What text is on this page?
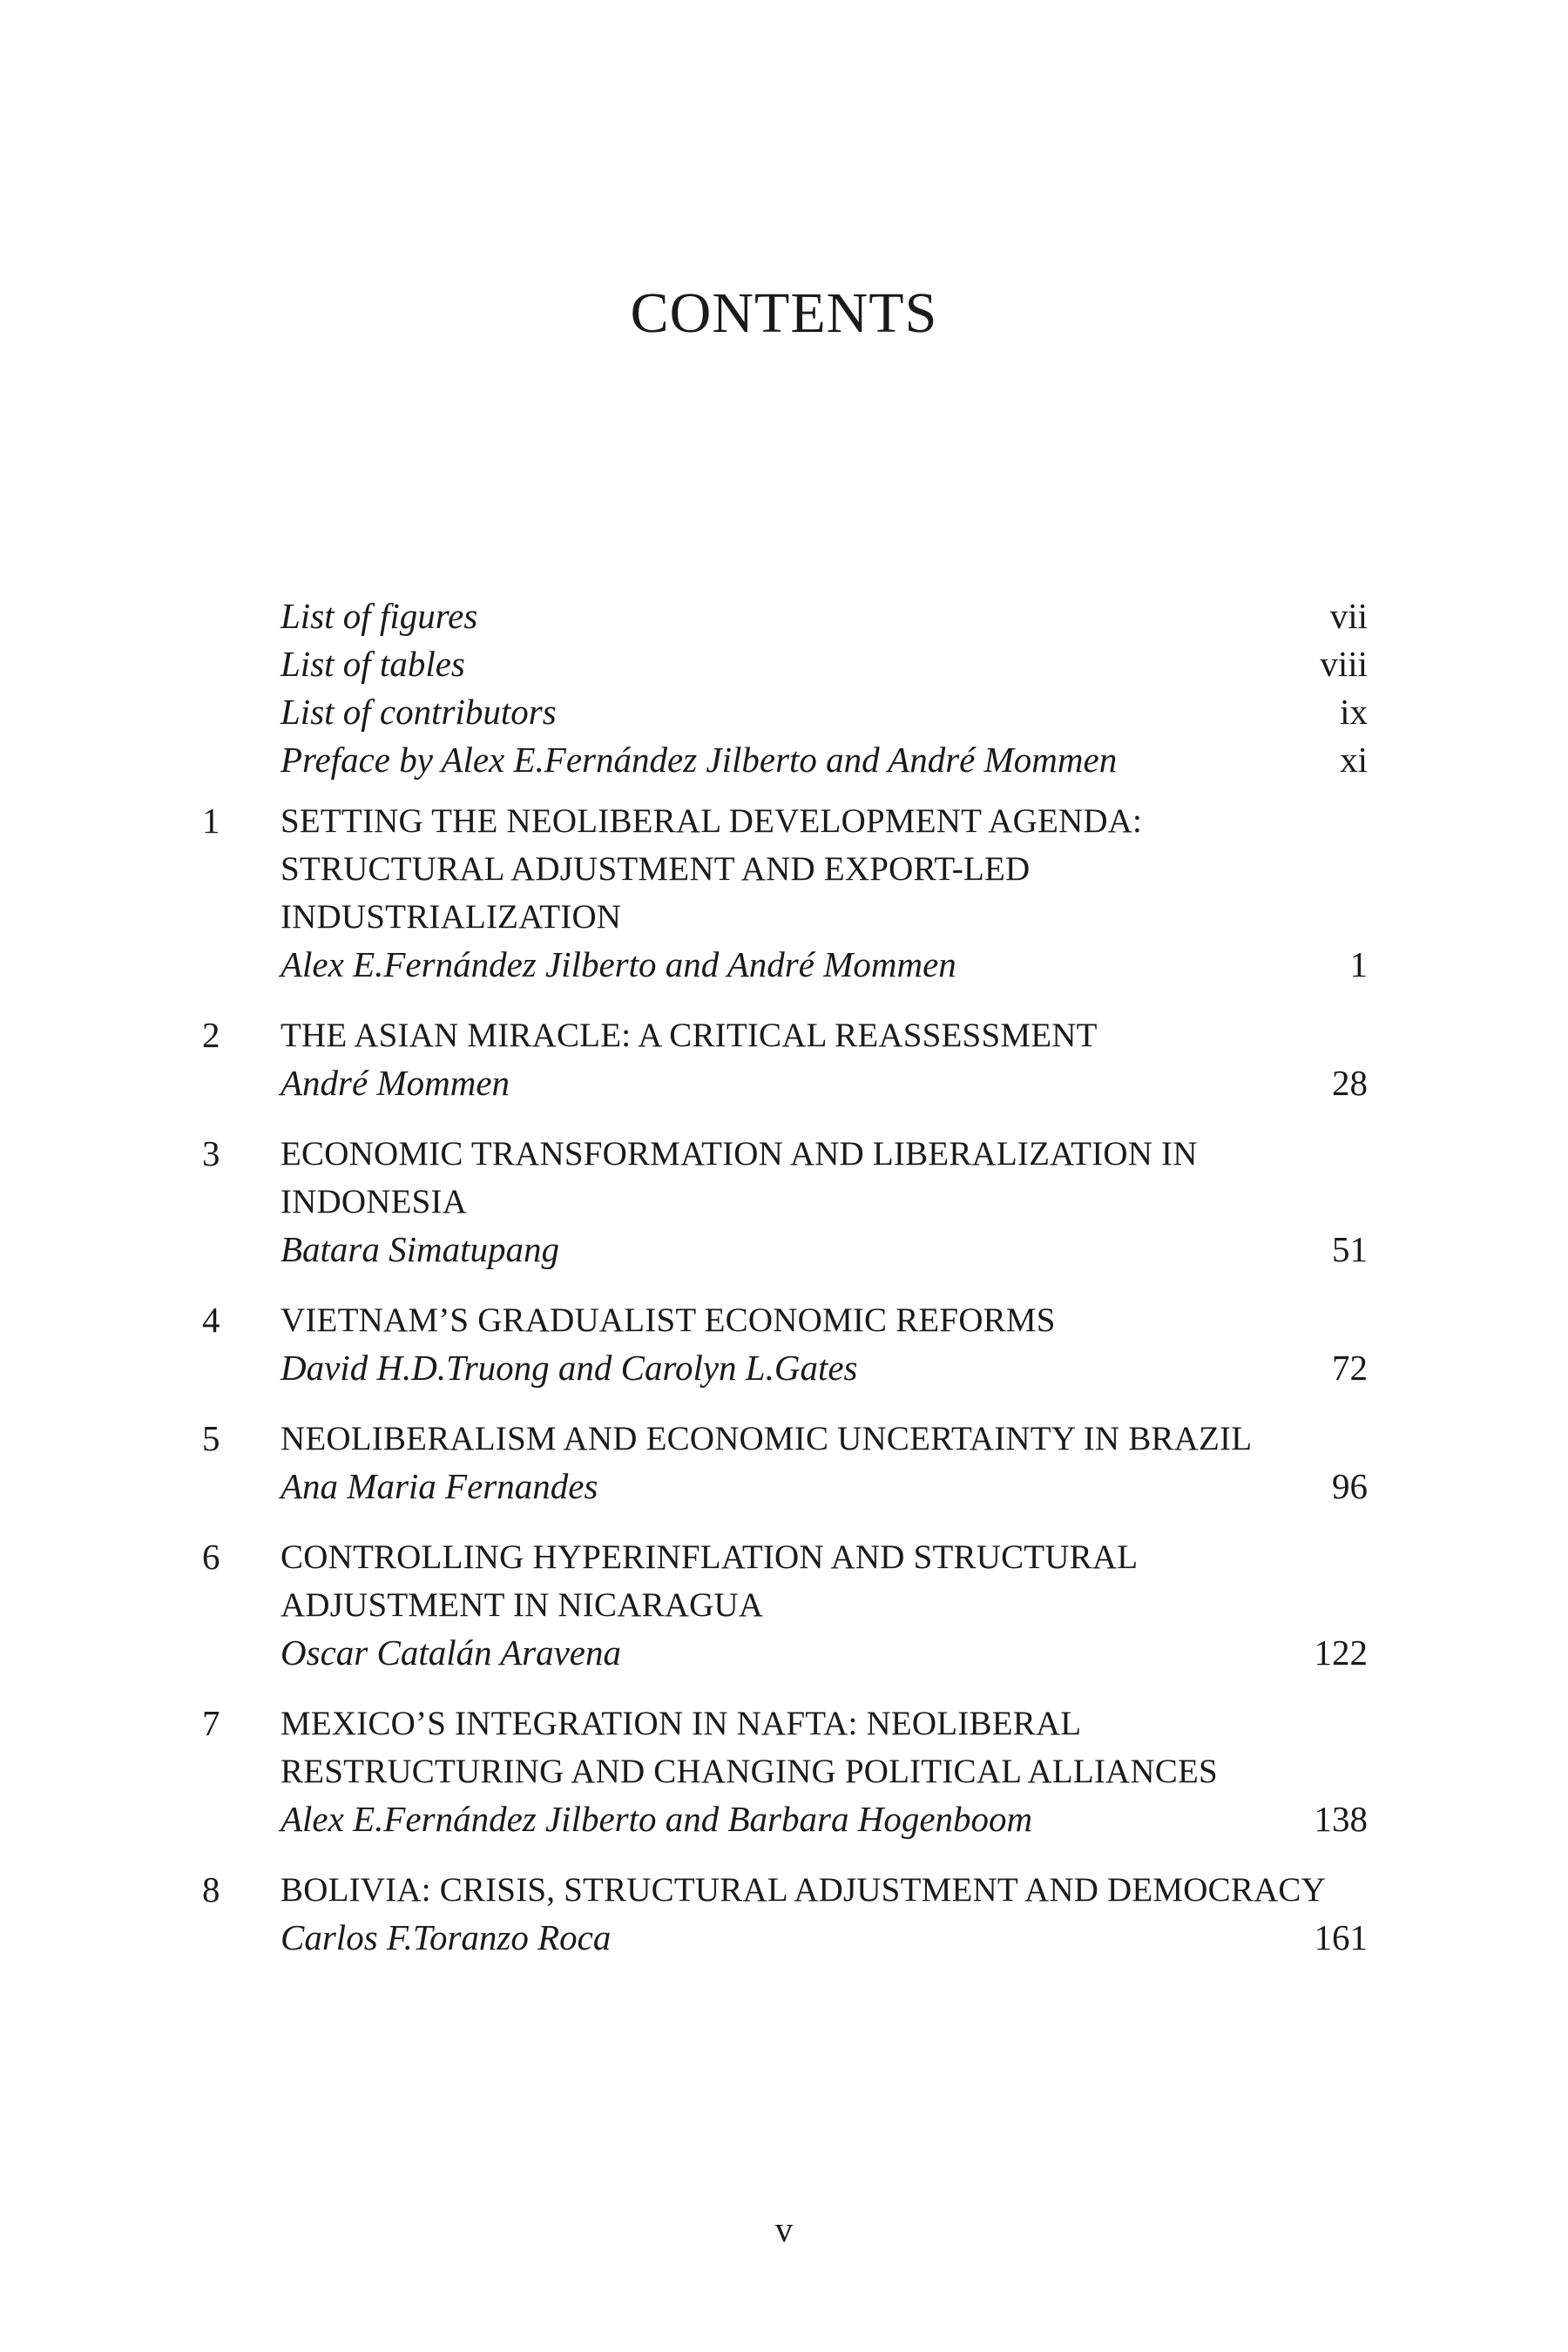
CONTENTS
List of figures	vii
List of tables	viii
List of contributors	ix
Preface by Alex E.Fernández Jilberto and André Mommen	xi
1	SETTING THE NEOLIBERAL DEVELOPMENT AGENDA: STRUCTURAL ADJUSTMENT AND EXPORT-LED INDUSTRIALIZATION
Alex E.Fernández Jilberto and André Mommen	1
2	THE ASIAN MIRACLE: A CRITICAL REASSESSMENT
André Mommen	28
3	ECONOMIC TRANSFORMATION AND LIBERALIZATION IN INDONESIA
Batara Simatupang	51
4	VIETNAM’S GRADUALIST ECONOMIC REFORMS
David H.D.Truong and Carolyn L.Gates	72
5	NEOLIBERALISM AND ECONOMIC UNCERTAINTY IN BRAZIL
Ana Maria Fernandes	96
6	CONTROLLING HYPERINFLATION AND STRUCTURAL ADJUSTMENT IN NICARAGUA
Oscar Catalán Aravena	122
7	MEXICO’S INTEGRATION IN NAFTA: NEOLIBERAL RESTRUCTURING AND CHANGING POLITICAL ALLIANCES
Alex E.Fernández Jilberto and Barbara Hogenboom	138
8	BOLIVIA: CRISIS, STRUCTURAL ADJUSTMENT AND DEMOCRACY
Carlos F.Toranzo Roca	161
v
